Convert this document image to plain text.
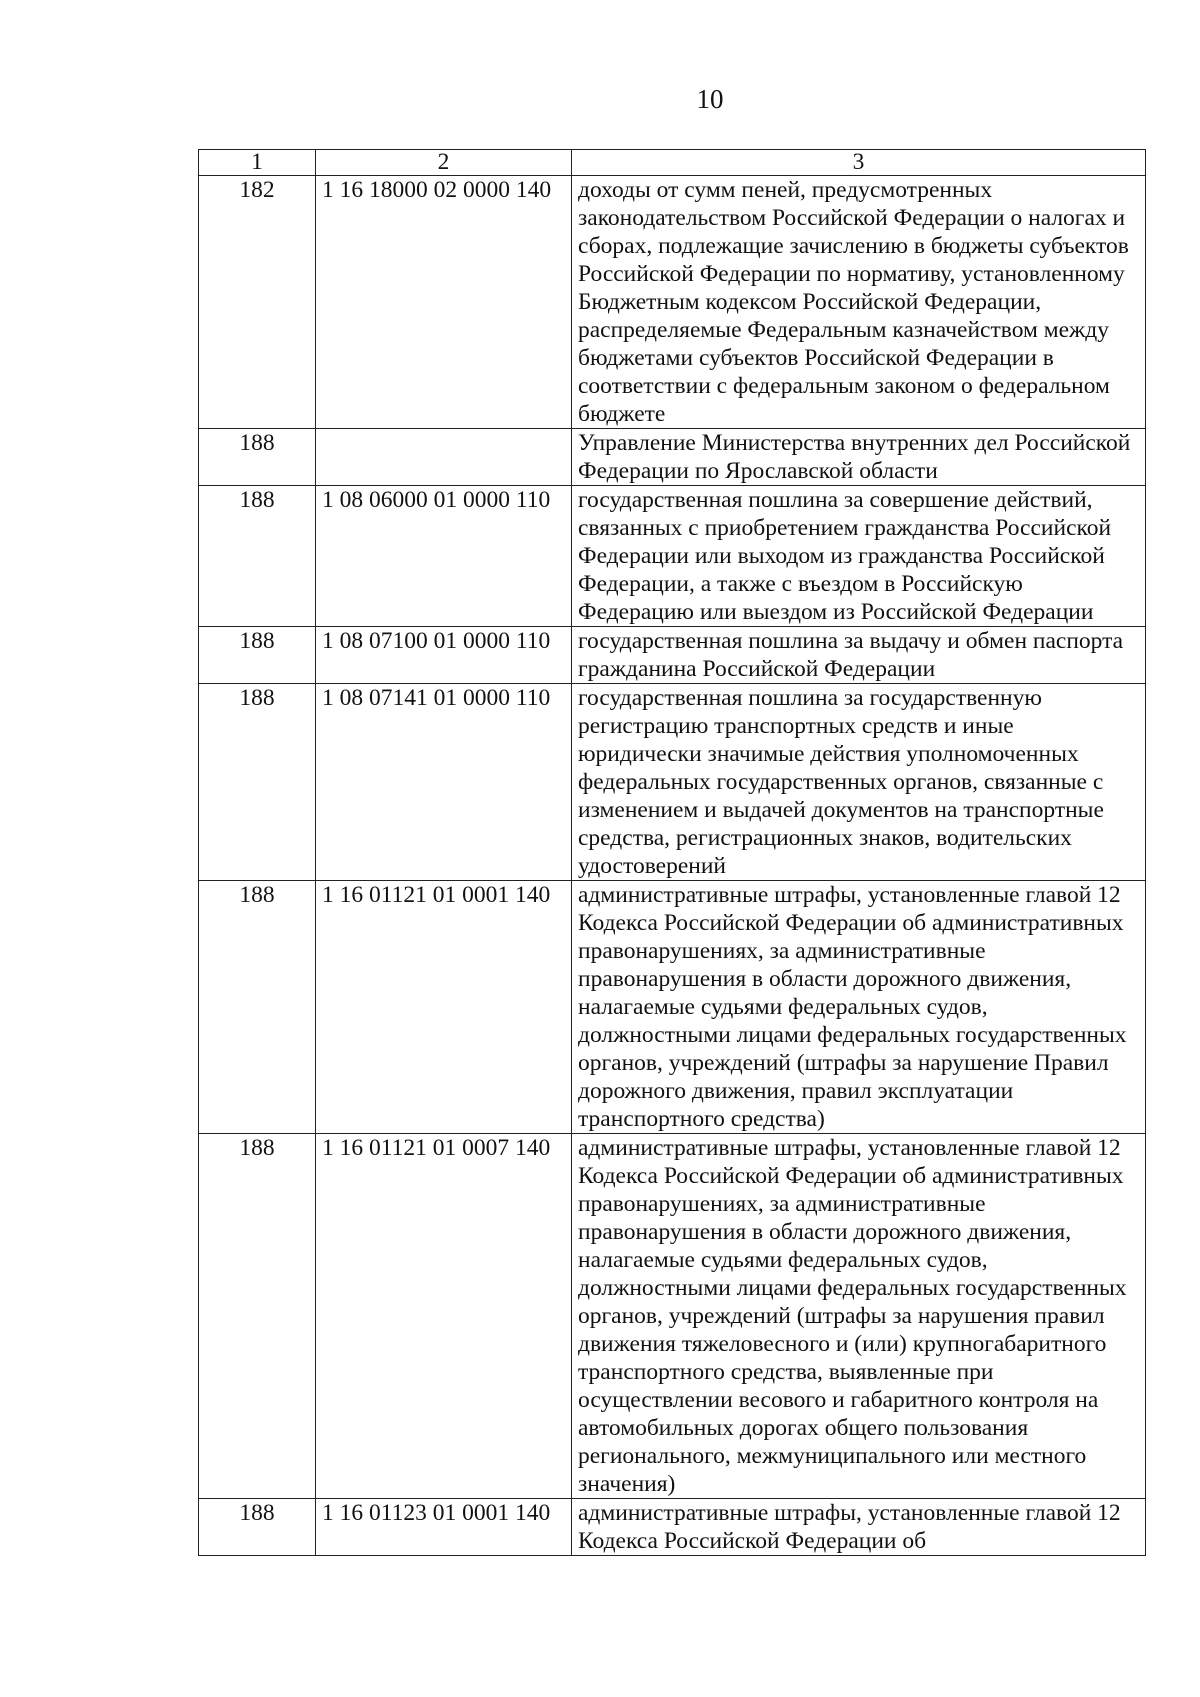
10
1	2	3
182	1 16 18000 02 0000 140	доходы от сумм пеней, предусмотренных законодательством Российской Федерации о налогах и сборах, подлежащие зачислению в бюджеты субъектов Российской Федерации по нормативу, установленному Бюджетным кодексом Российской Федерации, распределяемые Федеральным казначейством между бюджетами субъектов Российской Федерации в соответствии с федеральным законом о федеральном бюджете
188		Управление Министерства внутренних дел Российской Федерации по Ярославской области
188	1 08 06000 01 0000 110	государственная пошлина за совершение действий, связанных с приобретением гражданства Российской Федерации или выходом из гражданства Российской Федерации, а также с въездом в Российскую Федерацию или выездом из Российской Федерации
188	1 08 07100 01 0000 110	государственная пошлина за выдачу и обмен паспорта гражданина Российской Федерации
188	1 08 07141 01 0000 110	государственная пошлина за государственную регистрацию транспортных средств и иные юридически значимые действия уполномоченных федеральных государственных органов, связанные с изменением и выдачей документов на транспортные средства, регистрационных знаков, водительских удостоверений
188	1 16 01121 01 0001 140	административные штрафы, установленные главой 12 Кодекса Российской Федерации об административных правонарушениях, за административные правонарушения в области дорожного движения, налагаемые судьями федеральных судов, должностными лицами федеральных государственных органов, учреждений (штрафы за нарушение Правил дорожного движения, правил эксплуатации транспортного средства)
188	1 16 01121 01 0007 140	административные штрафы, установленные главой 12 Кодекса Российской Федерации об административных правонарушениях, за административные правонарушения в области дорожного движения, налагаемые судьями федеральных судов, должностными лицами федеральных государственных органов, учреждений (штрафы за нарушения правил движения тяжеловесного и (или) крупногабаритного транспортного средства, выявленные при осуществлении весового и габаритного контроля на автомобильных дорогах общего пользования регионального, межмуниципального или местного значения)
188	1 16 01123 01 0001 140	административные штрафы, установленные главой 12 Кодекса Российской Федерации об
